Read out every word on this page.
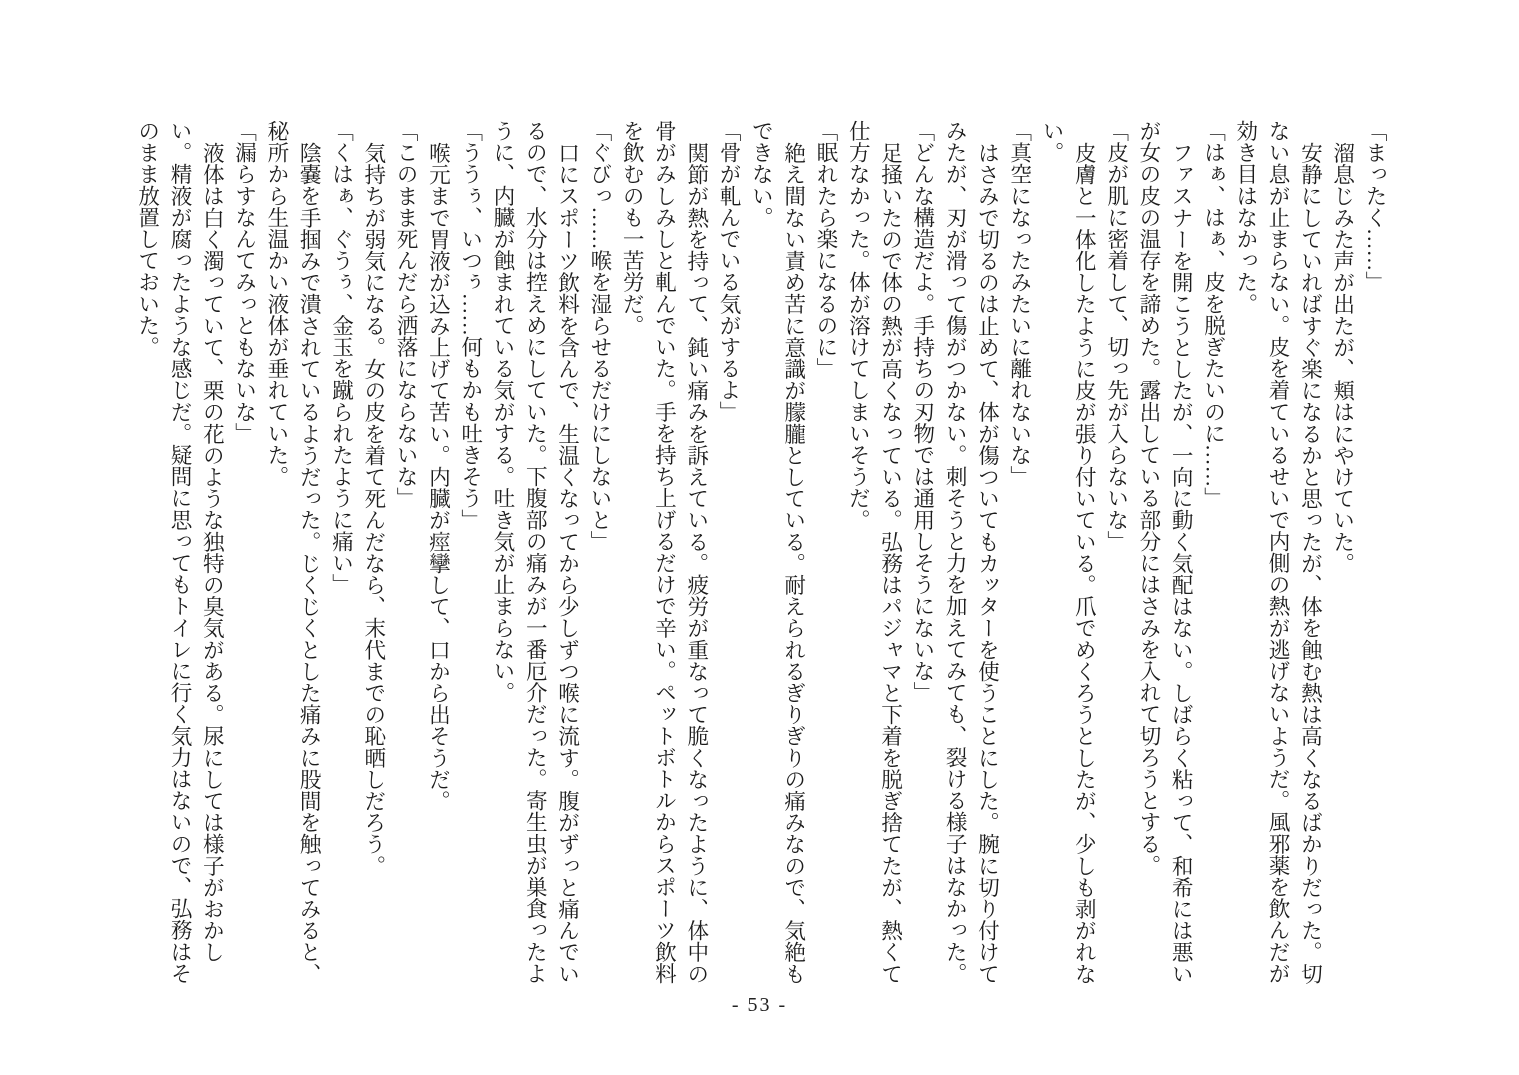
「まったく……」

溜息じみた声が出たが、頬はにやけていた。

安静にしていればすぐ楽になるかと思ったが、体を蝕む熱は高くなるばかりだった。切ない息が止まらない。皮を着ているせいで内側の熱が逃げないようだ。風邪薬を飲んだが効き目はなかった。

「はぁ、はぁ、皮を脱ぎたいのに……」

ファスナーを開こうとしたが、一向に動く気配はない。しばらく粘って、和希には悪いが女の皮の温存を諦めた。露出している部分にはさみを入れて切ろうとする。

「皮が肌に密着して、切っ先が入らないな」

皮膚と一体化したように皮が張り付いている。爪でめくろうとしたが、少しも剥がれない。

「真空になったみたいに離れないな」

はさみで切るのは止めて、体が傷ついてもカッターを使うことにした。腕に切り付けてみたが、刃が滑って傷がつかない。刺そうと力を加えてみても、裂ける様子はなかった。

「どんな構造だよ。手持ちの刃物では通用しそうにないな」

足掻いたので体の熱が高くなっている。弘務はパジャマと下着を脱ぎ捨てたが、熱くて仕方なかった。体が溶けてしまいそうだ。

「眠れたら楽になるのに」

絶え間ない責め苦に意識が朦朧としている。耐えられるぎりぎりの痛みなので、気絶もできない。

「骨が軋んでいる気がするよ」

関節が熱を持って、鈍い痛みを訴えている。疲労が重なって脆くなったように、体中の骨がみしみしと軋んでいた。手を持ち上げるだけで辛い。ペットボトルからスポーツ飲料を飲むのも一苦労だ。

「ぐびっ……喉を湿らせるだけにしないと」

口にスポーツ飲料を含んで、生温くなってから少しずつ喉に流す。腹がずっと痛んでいるので、水分は控えめにしていた。下腹部の痛みが一番厄介だった。寄生虫が巣食ったように、内臓が蝕まれている気がする。吐き気が止まらない。

「ううぅ、いつぅ……何もかも吐きそう」

喉元まで胃液が込み上げて苦い。内臓が痙攣して、口から出そうだ。

「このまま死んだら洒落にならないな」

気持ちが弱気になる。女の皮を着て死んだなら、末代までの恥晒しだろう。

「くはぁ、ぐうぅ、金玉を蹴られたように痛い」

陰嚢を手掴みで潰されているようだった。じくじくとした痛みに股間を触ってみると、秘所から生温かい液体が垂れていた。

「漏らすなんてみっともないな」

液体は白く濁っていて、栗の花のような独特の臭気がある。尿にしては様子がおかしい。精液が腐ったような感じだ。疑問に思ってもトイレに行く気力はないので、弘務はそのまま放置しておいた。

- 53 -
